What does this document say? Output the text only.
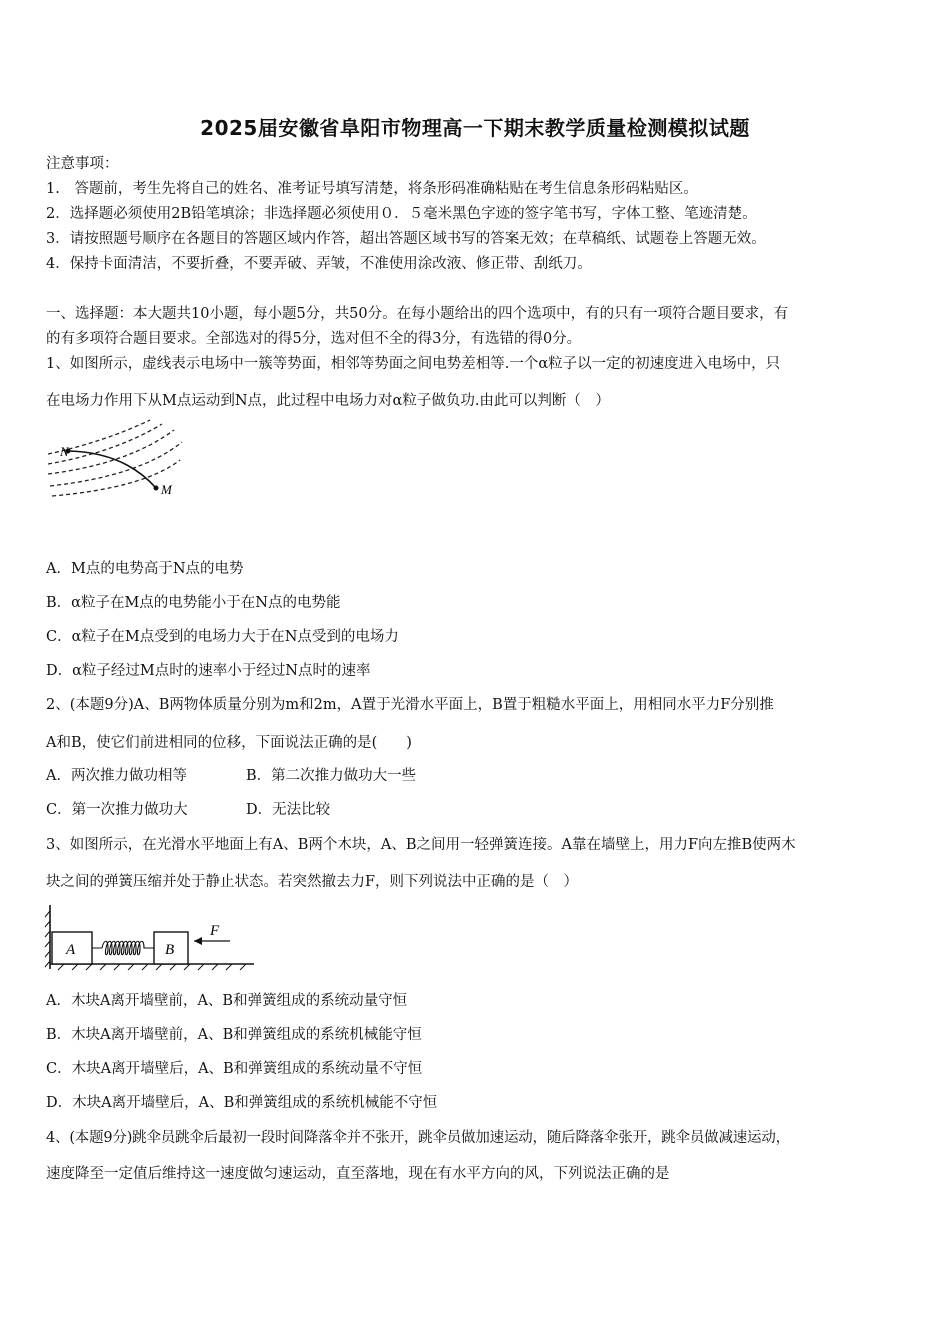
2025届安徽省阜阳市物理高一下期末教学质量检测模拟试题
注意事项：
1.　答题前，考生先将自己的姓名、准考证号填写清楚，将条形码准确粘贴在考生信息条形码粘贴区。
2．选择题必须使用2B铅笔填涂；非选择题必须使用０．５毫米黑色字迹的签字笔书写，字体工整、笔迹清楚。
3．请按照题号顺序在各题目的答题区域内作答，超出答题区域书写的答案无效；在草稿纸、试题卷上答题无效。
4．保持卡面清洁，不要折叠，不要弄破、弄皱，不准使用涂改液、修正带、刮纸刀。
一、选择题：本大题共10小题，每小题5分，共50分。在每小题给出的四个选项中，有的只有一项符合题目要求，有
的有多项符合题目要求。全部选对的得5分，选对但不全的得3分，有选错的得0分。
1、如图所示，虚线表示电场中一簇等势面，相邻等势面之间电势差相等.一个α粒子以一定的初速度进入电场中，只
在电场力作用下从M点运动到N点，此过程中电场力对α粒子做负功.由此可以判断（　）
N
M
A．M点的电势高于N点的电势
B．α粒子在M点的电势能小于在N点的电势能
C．α粒子在M点受到的电场力大于在N点受到的电场力
D．α粒子经过M点时的速率小于经过N点时的速率
2、(本题9分)A、B两物体质量分别为m和2m，A置于光滑水平面上，B置于粗糙水平面上，用相同水平力F分别推
A和B，使它们前进相同的位移，下面说法正确的是(　　)
A．两次推力做功相等	B．第二次推力做功大一些
C．第一次推力做功大	D．无法比较
3、如图所示，在光滑水平地面上有A、B两个木块，A、B之间用一轻弹簧连接。A靠在墙壁上，用力F向左推B使两木
块之间的弹簧压缩并处于静止状态。若突然撤去力F，则下列说法中正确的是（　）
A	B
F
A．木块A离开墙壁前，A、B和弹簧组成的系统动量守恒
B．木块A离开墙壁前，A、B和弹簧组成的系统机械能守恒
C．木块A离开墙壁后，A、B和弹簧组成的系统动量不守恒
D．木块A离开墙壁后，A、B和弹簧组成的系统机械能不守恒
4、(本题9分)跳伞员跳伞后最初一段时间降落伞并不张开，跳伞员做加速运动，随后降落伞张开，跳伞员做减速运动，
速度降至一定值后维持这一速度做匀速运动，直至落地，现在有水平方向的风，下列说法正确的是
